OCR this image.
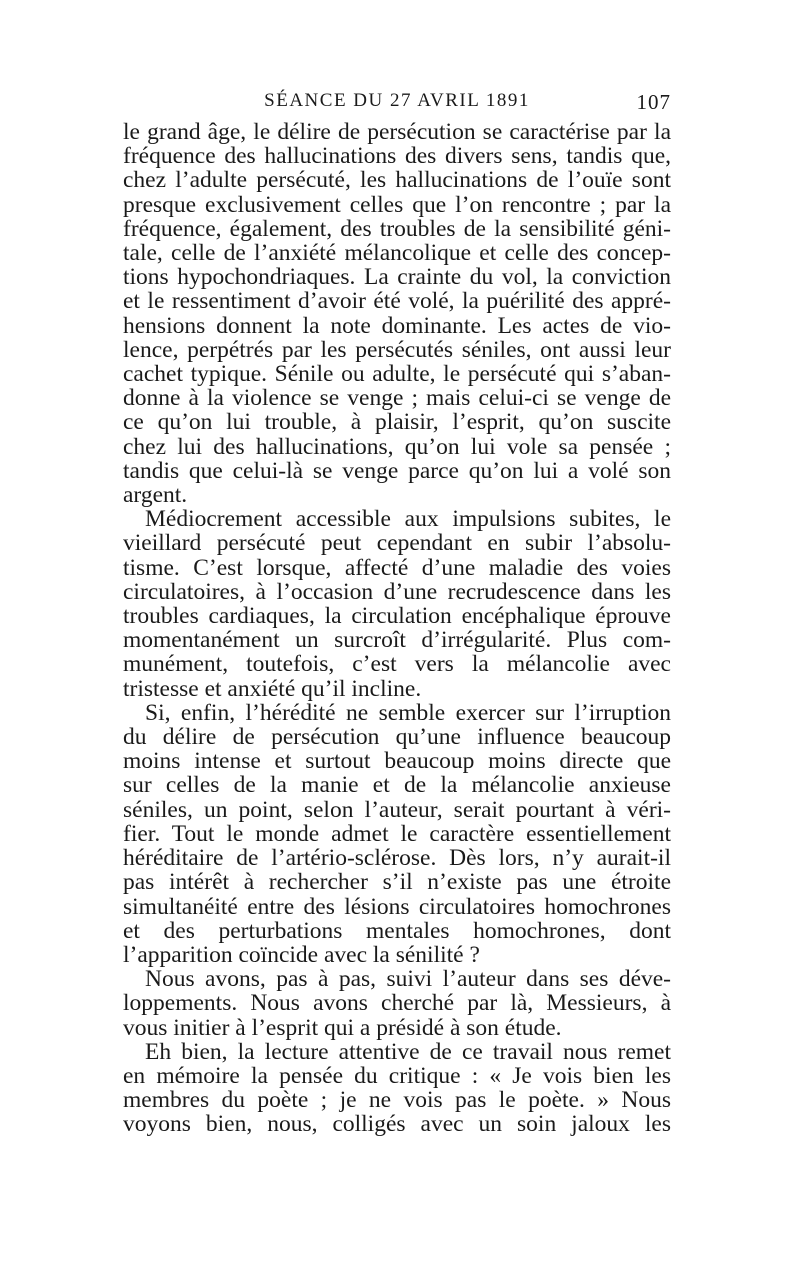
SÉANCE DU 27 AVRIL 1891	107
le grand âge, le délire de persécution se caractérise par la
fréquence des hallucinations des divers sens, tandis que,
chez l’adulte persécuté, les hallucinations de l’ouïe sont
presque exclusivement celles que l’on rencontre ; par la
fréquence, également, des troubles de la sensibilité géni-
tale, celle de l’anxiété mélancolique et celle des concep-
tions hypochondriaques. La crainte du vol, la conviction
et le ressentiment d’avoir été volé, la puérilité des appré-
hensions donnent la note dominante. Les actes de vio-
lence, perpétrés par les persécutés séniles, ont aussi leur
cachet typique. Sénile ou adulte, le persécuté qui s’aban-
donne à la violence se venge ; mais celui-ci se venge de
ce qu’on lui trouble, à plaisir, l’esprit, qu’on suscite
chez lui des hallucinations, qu’on lui vole sa pensée ;
tandis que celui-là se venge parce qu’on lui a volé son
argent.
Médiocrement accessible aux impulsions subites, le
vieillard persécuté peut cependant en subir l’absolu-
tisme. C’est lorsque, affecté d’une maladie des voies
circulatoires, à l’occasion d’une recrudescence dans les
troubles cardiaques, la circulation encéphalique éprouve
momentanément un surcroît d’irrégularité. Plus com-
munément, toutefois, c’est vers la mélancolie avec
tristesse et anxiété qu’il incline.
Si, enfin, l’hérédité ne semble exercer sur l’irruption
du délire de persécution qu’une influence beaucoup
moins intense et surtout beaucoup moins directe que
sur celles de la manie et de la mélancolie anxieuse
séniles, un point, selon l’auteur, serait pourtant à véri-
fier. Tout le monde admet le caractère essentiellement
héréditaire de l’artério-sclérose. Dès lors, n’y aurait-il
pas intérêt à rechercher s’il n’existe pas une étroite
simultanéité entre des lésions circulatoires homochrones
et des perturbations mentales homochrones, dont
l’apparition coïncide avec la sénilité ?
Nous avons, pas à pas, suivi l’auteur dans ses déve-
loppements. Nous avons cherché par là, Messieurs, à
vous initier à l’esprit qui a présidé à son étude.
Eh bien, la lecture attentive de ce travail nous remet
en mémoire la pensée du critique : « Je vois bien les
membres du poète ; je ne vois pas le poète. » Nous
voyons bien, nous, colligés avec un soin jaloux les
